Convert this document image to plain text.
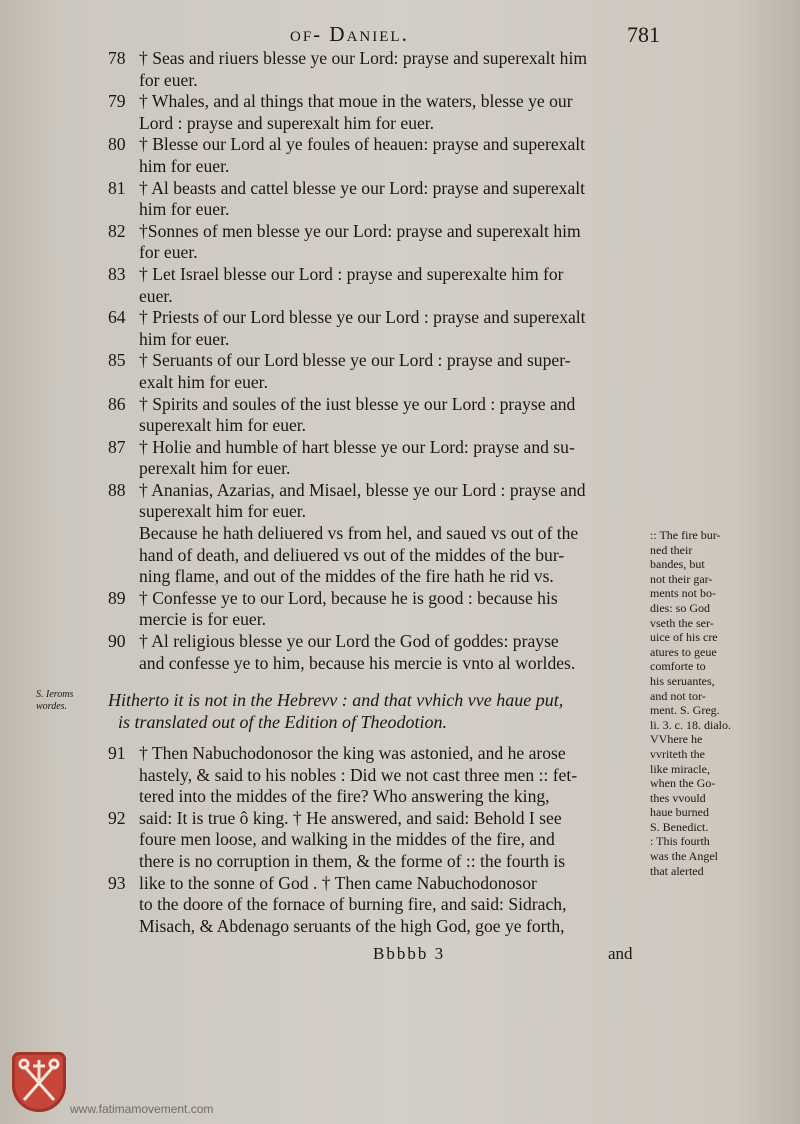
of- Daniel.	781
78 † Seas and riuers blesse ye our Lord: prayse and superexalt him
for euer.
79 † Whales, and al things that moue in the waters, blesse ye our
Lord : prayse and superexalt him for euer.
80 † Blesse our Lord al ye foules of heauen: prayse and superexalt
him for euer.
81 † Al beasts and cattel blesse ye our Lord: prayse and superexalt
him for euer.
82 †Sonnes of men blesse ye our Lord: prayse and superexalt him
for euer.
83 † Let Israel blesse our Lord : prayse and superexalte him for
euer.
64 † Priests of our Lord blesse ye our Lord : prayse and superexalt
him for euer.
85 † Seruants of our Lord blesse ye our Lord : prayse and super-
exalt him for euer.
86 † Spirits and soules of the iust blesse ye our Lord : prayse and
superexalt him for euer.
87 † Holie and humble of hart blesse ye our Lord: prayse and su-
perexalt him for euer.
88 † Ananias, Azarias, and Misael, blesse ye our Lord : prayse and
superexalt him for euer.
Because he hath deliuered vs from hel, and saued vs out of the
hand of death, and deliuered vs out of the middes of the bur-
ning flame, and out of the middes of the fire hath he rid vs.
89 † Confesse ye to our Lord, because he is good : because his
mercie is for euer.
90 † Al religious blesse ye our Lord the God of goddes: prayse
and confesse ye to him, because his mercie is vnto al worldes.
S. Ieroms
wordes.	Hitherto it is not in the Hebrevv : and that vvhich vve haue put,
is translated out of the Edition of Theodotion.
91 † Then Nabuchodonosor the king was astonied, and he arose
hastely, & said to his nobles : Did we not cast three men :: fet-
tered into the middes of the fire? Who answering the king,
92 said: It is true ô king. † He answered, and said: Behold I see
foure men loose, and walking in the middes of the fire, and
there is no corruption in them, & the forme of :: the fourth is
93 like to the sonne of God . † Then came Nabuchodonosor
to the doore of the fornace of burning fire, and said: Sidrach,
Misach, & Abdenago seruants of the high God, goe ye forth,
:: The fire bur-
ned their
bandes, but
not their gar-
ments not bo-
dies: so God
vseth the ser-
uice of his cre
atures to geue
comforte to
his seruantes,
and not tor-
ment. S. Greg.
li. 3. c. 18. dialo.
VVhere he
vvriteth the
like miracle,
when the Go-
thes vvould
haue burned
S. Benedict.
: This fourth
was the Angel
that alerted
Bbbbb 3	and
www.fatimamovement.com
